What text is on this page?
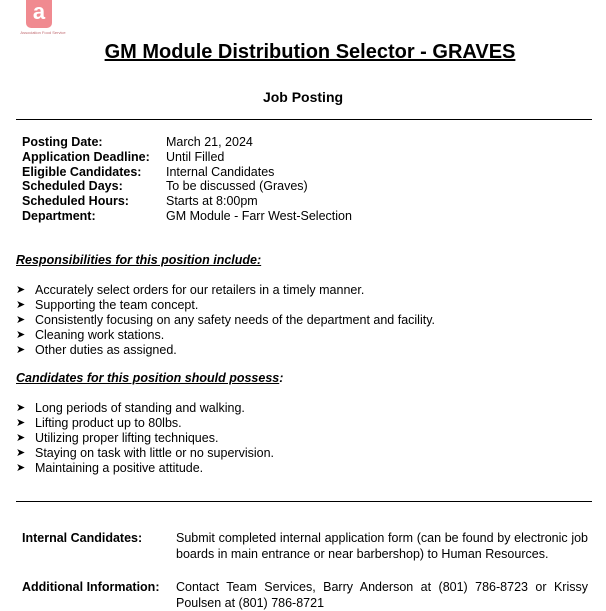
a
Association Food Service
GM Module Distribution Selector - GRAVES
Job Posting
Posting Date:	March 21, 2024
Application Deadline:	Until Filled
Eligible Candidates:	Internal Candidates
Scheduled Days:	To be discussed (Graves)
Scheduled Hours:	Starts at 8:00pm
Department:	GM Module - Farr West-Selection
Responsibilities for this position include:
➤ Accurately select orders for our retailers in a timely manner.
➤ Supporting the team concept.
➤ Consistently focusing on any safety needs of the department and facility.
➤ Cleaning work stations.
➤ Other duties as assigned.
Candidates for this position should possess:
➤ Long periods of standing and walking.
➤ Lifting product up to 80lbs.
➤ Utilizing proper lifting techniques.
➤ Staying on task with little or no supervision.
➤ Maintaining a positive attitude.
Internal Candidates:	Submit completed internal application form (can be found by electronic job boards in main entrance or near barbershop) to Human Resources.
Additional Information:	Contact Team Services, Barry Anderson at (801) 786-8723 or Krissy Poulsen at (801) 786-8721
